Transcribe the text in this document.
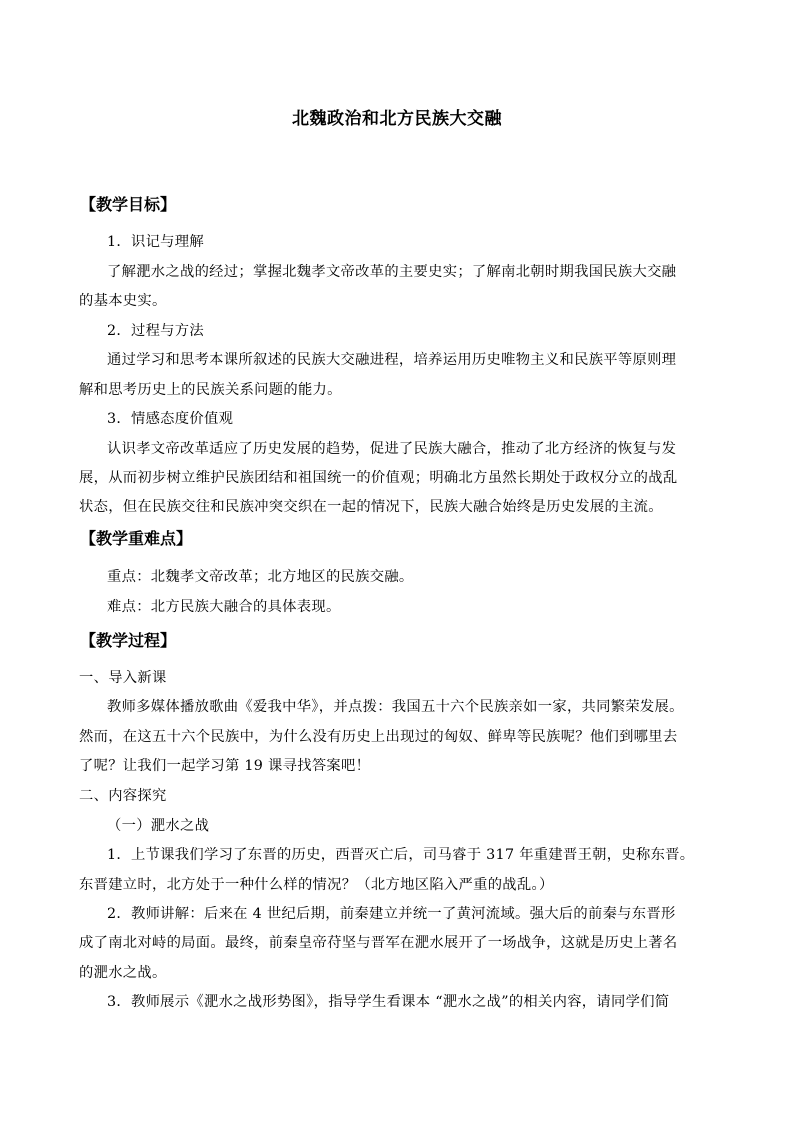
北魏政治和北方民族大交融
【教学目标】
1．识记与理解
了解淝水之战的经过；掌握北魏孝文帝改革的主要史实；了解南北朝时期我国民族大交融
的基本史实。
2．过程与方法
通过学习和思考本课所叙述的民族大交融进程，培养运用历史唯物主义和民族平等原则理
解和思考历史上的民族关系问题的能力。
3．情感态度价值观
认识孝文帝改革适应了历史发展的趋势，促进了民族大融合，推动了北方经济的恢复与发
展，从而初步树立维护民族团结和祖国统一的价值观；明确北方虽然长期处于政权分立的战乱
状态，但在民族交往和民族冲突交织在一起的情况下，民族大融合始终是历史发展的主流。
【教学重难点】
重点：北魏孝文帝改革；北方地区的民族交融。
难点：北方民族大融合的具体表现。
【教学过程】
一、导入新课
教师多媒体播放歌曲《爱我中华》，并点拨：我国五十六个民族亲如一家，共同繁荣发展。
然而，在这五十六个民族中，为什么没有历史上出现过的匈奴、鲜卑等民族呢？他们到哪里去
了呢？让我们一起学习第 19 课寻找答案吧！
二、内容探究
（一）淝水之战
1．上节课我们学习了东晋的历史，西晋灭亡后，司马睿于 317 年重建晋王朝，史称东晋。
东晋建立时，北方处于一种什么样的情况？（北方地区陷入严重的战乱。）
2．教师讲解：后来在 4 世纪后期，前秦建立并统一了黄河流域。强大后的前秦与东晋形
成了南北对峙的局面。最终，前秦皇帝苻坚与晋军在淝水展开了一场战争，这就是历史上著名
的淝水之战。
3．教师展示《淝水之战形势图》，指导学生看课本 “淝水之战”的相关内容，请同学们简
